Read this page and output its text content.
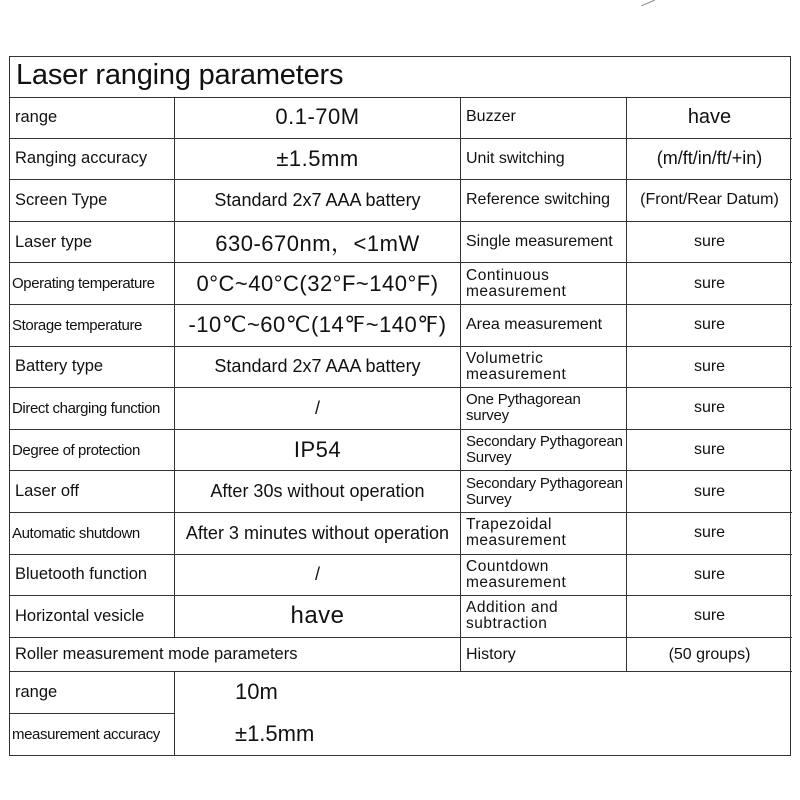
Laser ranging parameters
range	0.1-70M	Buzzer	have
Ranging accuracy	±1.5mm	Unit switching	(m/ft/in/ft/+in)
Screen Type	Standard 2x7 AAA battery	Reference switching	(Front/Rear Datum)
Laser type	630-670nm，<1mW	Single measurement	sure
Operating temperature	0°C~40°C(32°F~140°F)	Continuous measurement	sure
Storage temperature	-10℃~60℃(14℉~140℉)	Area measurement	sure
Battery type	Standard 2x7 AAA battery	Volumetric measurement	sure
Direct charging function	/	One Pythagorean survey	sure
Degree of protection	IP54	Secondary Pythagorean Survey	sure
Laser off	After 30s without operation	Secondary Pythagorean Survey	sure
Automatic shutdown	After 3 minutes without operation	Trapezoidal measurement	sure
Bluetooth function	/	Countdown measurement	sure
Horizontal vesicle	have	Addition and subtraction	sure
Roller measurement mode parameters	History	(50 groups)
range	10m
measurement accuracy	±1.5mm
